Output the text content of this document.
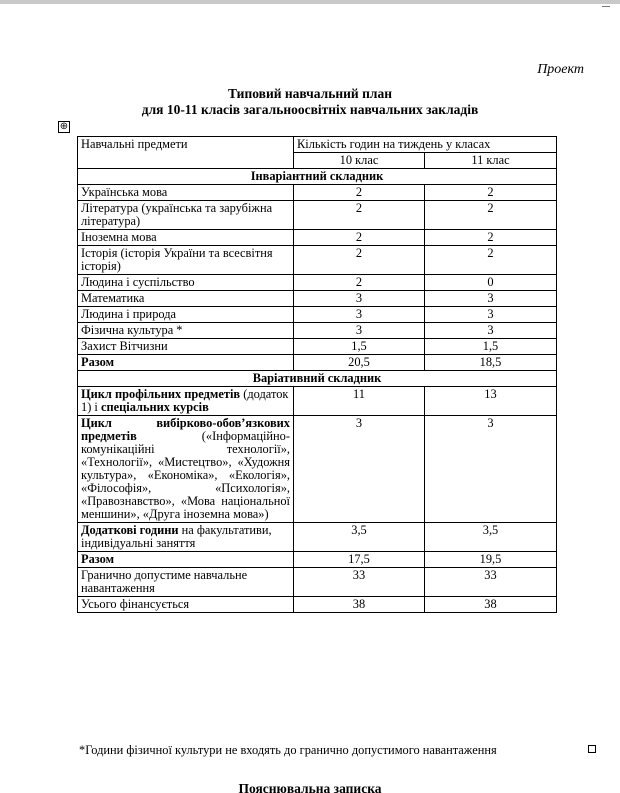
Проект
Типовий навчальний план
для 10-11 класів загальноосвітніх навчальних закладів
⊕
Навчальні предмети	Кількість годин на тиждень у класах	
	10 клас	11 клас
Інваріантний складник		
Українська мова	2	2
Література (українська та зарубіжна література)	2	2
Іноземна мова	2	2
Історія (історія України та всесвітня історія)	2	2
Людина і суспільство	2	0
Математика	3	3
Людина і природа	3	3
Фізична культура *	3	3
Захист Вітчизни	1,5	1,5
Разом	20,5	18,5
Варіативний складник		
Цикл профільних предметів (додаток 1) і спеціальних курсів	11	13
Цикл вибірково-обов’язкових предметів («Інформаційно-комунікаційні технології», «Технології», «Мистецтво», «Художня культура», «Економіка», «Екологія», «Філософія», «Психологія», «Правознавство», «Мова національної меншини», «Друга іноземна мова»)	3	3
Додаткові години на факультативи, індивідуальні заняття	3,5	3,5
Разом	17,5	19,5
Гранично допустиме навчальне навантаження	33	33
Усього фінансується	38	38
*Години фізичної культури не входять до гранично допустимого навантаження
Пояснювальна записка
